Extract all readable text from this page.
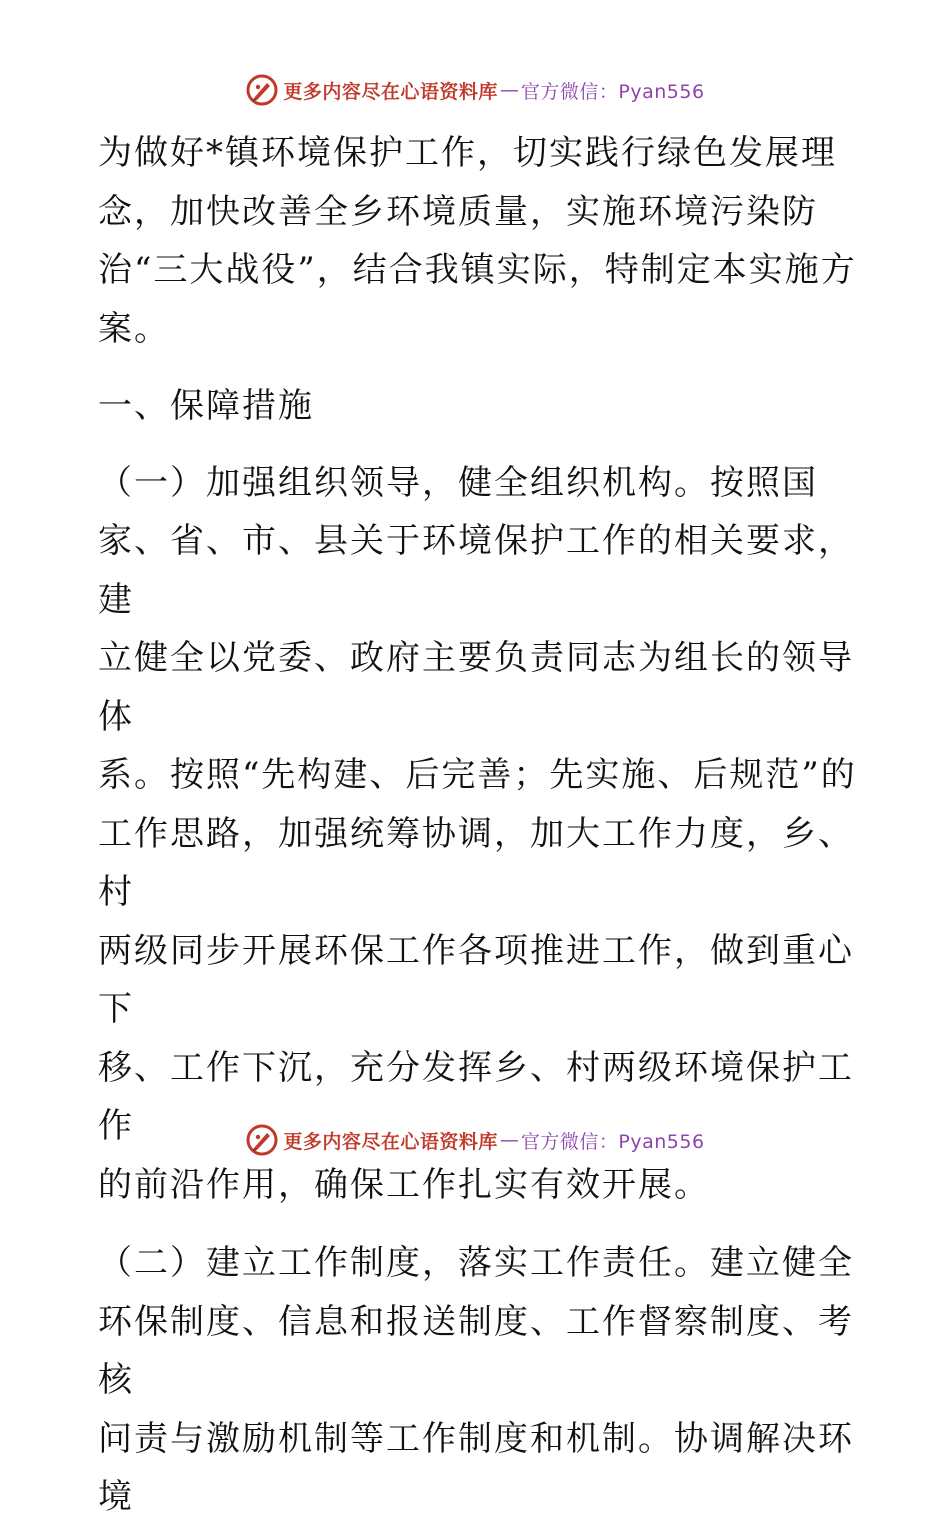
更多内容尽在心语资料库 — 官方微信：Pyan556

为做好*镇环境保护工作，切实践行绿色发展理

念，加快改善全乡环境质量，实施环境污染防

治“三大战役”，结合我镇实际，特制定本实施方

案。

一、保障措施

（一）加强组织领导，健全组织机构。按照国

家、省、市、县关于环境保护工作的相关要求，建

立健全以党委、政府主要负责同志为组长的领导体

系。按照“先构建、后完善；先实施、后规范”的

工作思路，加强统筹协调，加大工作力度，乡、村

两级同步开展环保工作各项推进工作，做到重心下

移、工作下沉，充分发挥乡、村两级环境保护工作

的前沿作用，确保工作扎实有效开展。

（二）建立工作制度，落实工作责任。建立健全

环保制度、信息和报送制度、工作督察制度、考核

问责与激励机制等工作制度和机制。协调解决环境

更多内容尽在心语资料库 — 官方微信：Pyan556
